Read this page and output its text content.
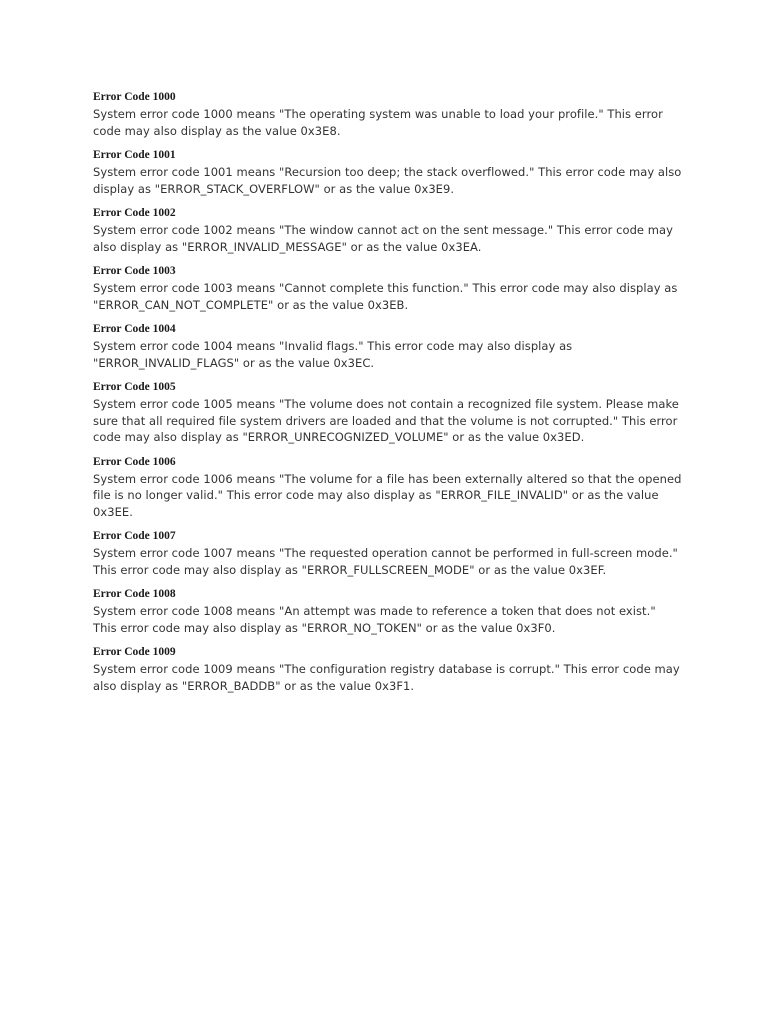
Error Code 1000

System error code 1000 means "The operating system was unable to load your profile." This error code may also display as the value 0x3E8.

Error Code 1001

System error code 1001 means "Recursion too deep; the stack overflowed." This error code may also display as "ERROR_STACK_OVERFLOW" or as the value 0x3E9.

Error Code 1002

System error code 1002 means "The window cannot act on the sent message." This error code may also display as "ERROR_INVALID_MESSAGE" or as the value 0x3EA.

Error Code 1003

System error code 1003 means "Cannot complete this function." This error code may also display as "ERROR_CAN_NOT_COMPLETE" or as the value 0x3EB.

Error Code 1004

System error code 1004 means "Invalid flags." This error code may also display as "ERROR_INVALID_FLAGS" or as the value 0x3EC.

Error Code 1005

System error code 1005 means "The volume does not contain a recognized file system. Please make sure that all required file system drivers are loaded and that the volume is not corrupted." This error code may also display as "ERROR_UNRECOGNIZED_VOLUME" or as the value 0x3ED.

Error Code 1006

System error code 1006 means "The volume for a file has been externally altered so that the opened file is no longer valid." This error code may also display as "ERROR_FILE_INVALID" or as the value 0x3EE.

Error Code 1007

System error code 1007 means "The requested operation cannot be performed in full-screen mode." This error code may also display as "ERROR_FULLSCREEN_MODE" or as the value 0x3EF.

Error Code 1008

System error code 1008 means "An attempt was made to reference a token that does not exist." This error code may also display as "ERROR_NO_TOKEN" or as the value 0x3F0.

Error Code 1009

System error code 1009 means "The configuration registry database is corrupt." This error code may also display as "ERROR_BADDB" or as the value 0x3F1.
